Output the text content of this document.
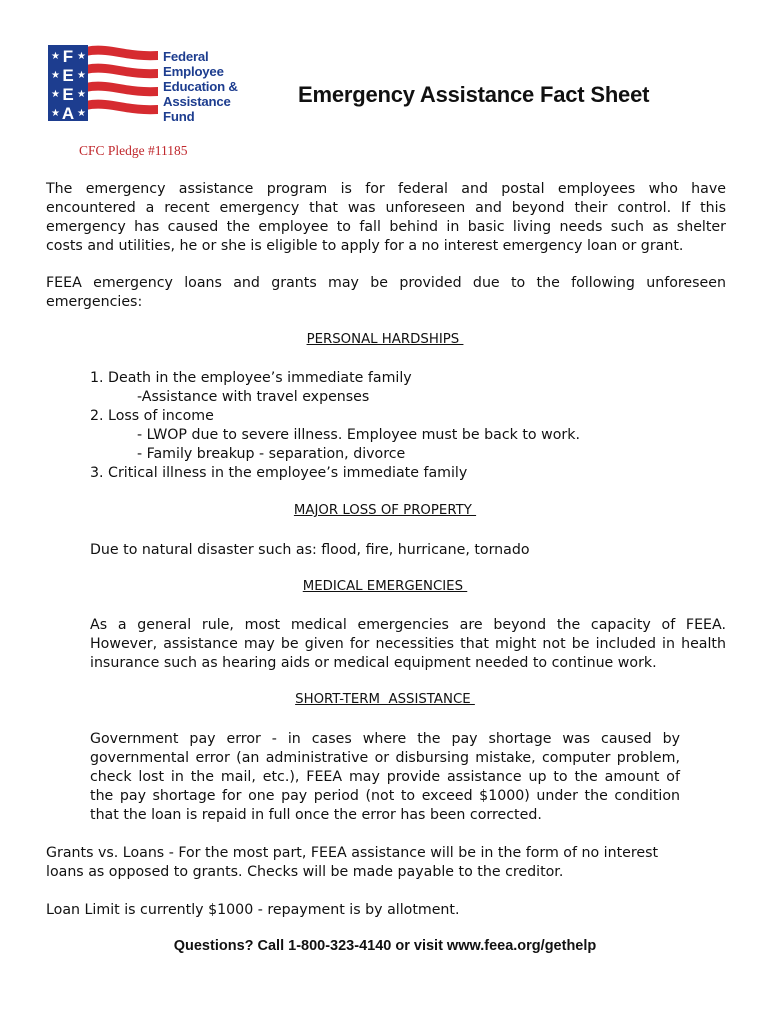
★ ★
★ ★
★ ★
★ ★
F
E
E
A
Federal
Employee
Education &
Assistance
Fund
Emergency Assistance Fact Sheet
CFC Pledge #11185
The emergency assistance program is for federal and postal employees who have
encountered a recent emergency that was unforeseen and beyond their control. If this
emergency has caused the employee to fall behind in basic living needs such as shelter
costs and utilities, he or she is eligible to apply for a no interest emergency loan or grant.
FEEA emergency loans and grants may be provided due to the following unforeseen
emergencies:
PERSONAL HARDSHIPS
1. Death in the employee’s immediate family
-Assistance with travel expenses
2. Loss of income
- LWOP due to severe illness. Employee must be back to work.
- Family breakup - separation, divorce
3. Critical illness in the employee’s immediate family
MAJOR LOSS OF PROPERTY
Due to natural disaster such as: flood, fire, hurricane, tornado
MEDICAL EMERGENCIES
As a general rule, most medical emergencies are beyond the capacity of FEEA.
However, assistance may be given for necessities that might not be included in health
insurance such as hearing aids or medical equipment needed to continue work.
SHORT-TERM  ASSISTANCE
Government pay error - in cases where the pay shortage was caused by
governmental error (an administrative or disbursing mistake, computer problem,
check lost in the mail, etc.), FEEA may provide assistance up to the amount of
the pay shortage for one pay period (not to exceed $1000) under the condition
that the loan is repaid in full once the error has been corrected.
Grants vs. Loans - For the most part, FEEA assistance will be in the form of no interest
loans as opposed to grants. Checks will be made payable to the creditor.
Loan Limit is currently $1000 - repayment is by allotment.
Questions? Call 1-800-323-4140 or visit www.feea.org/gethelp
